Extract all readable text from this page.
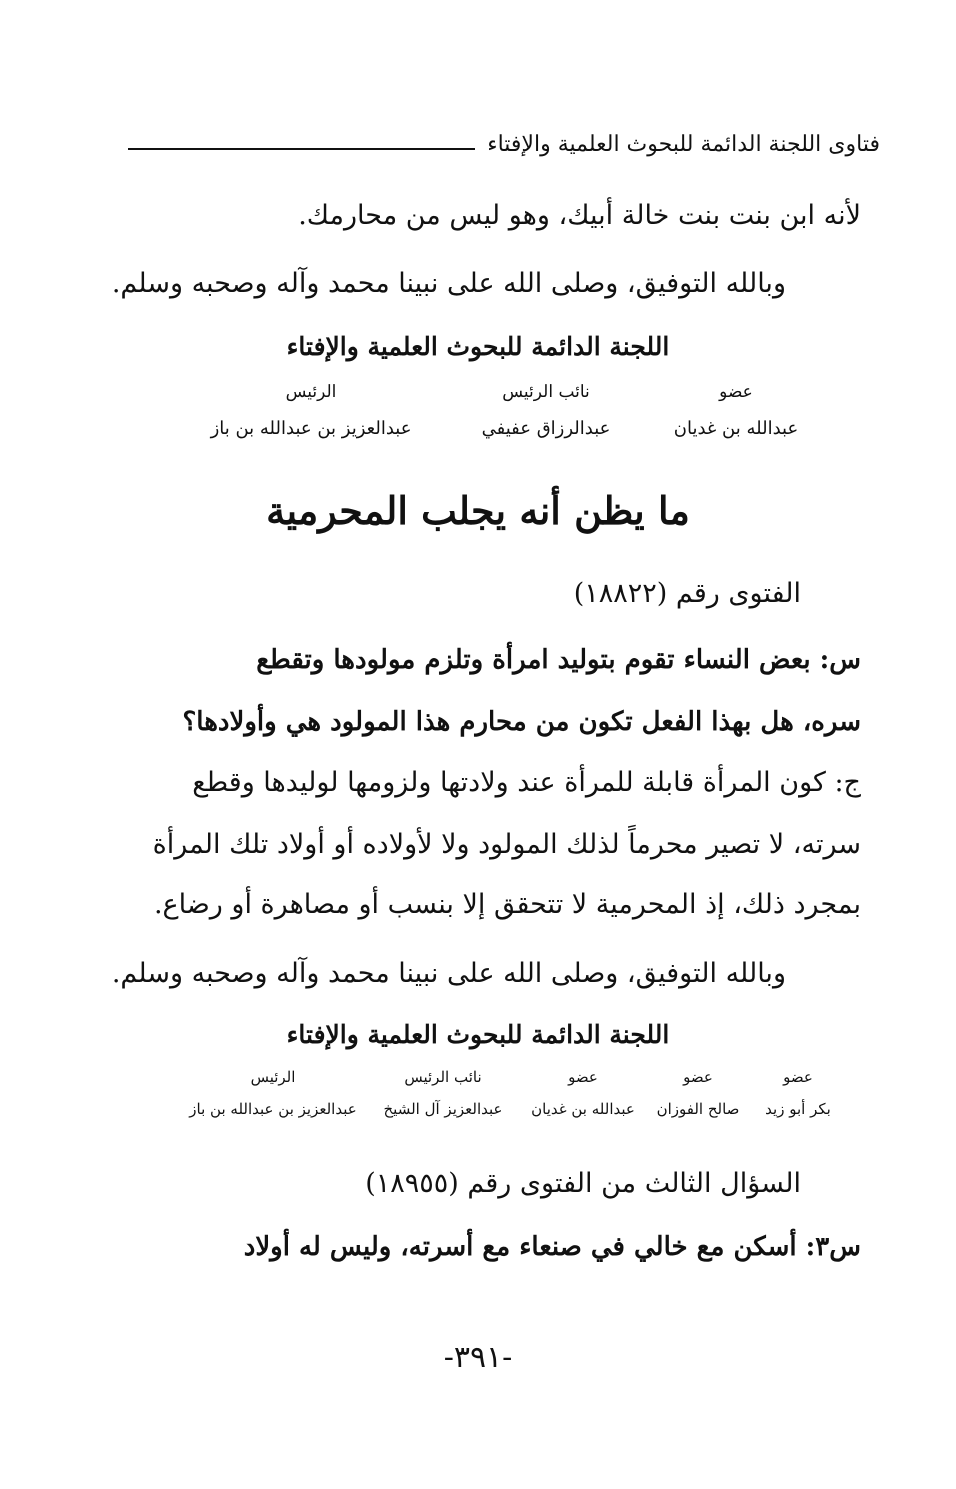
فتاوى اللجنة الدائمة للبحوث العلمية والإفتاء
لأنه ابن بنت بنت خالة أبيك، وهو ليس من محارمك.
وبالله التوفيق، وصلى الله على نبينا محمد وآله وصحبه وسلم.
اللجنة الدائمة للبحوث العلمية والإفتاء
عضو
نائب الرئيس
الرئيس
عبدالله بن غديان
عبدالرزاق عفيفي
عبدالعزيز بن عبدالله بن باز
ما يظن أنه يجلب المحرمية
الفتوى رقم (١٨٨٢٢)
س: بعض النساء تقوم بتوليد امرأة وتلزم مولودها وتقطع
سره، هل بهذا الفعل تكون من محارم هذا المولود هي وأولادها؟
ج: كون المرأة قابلة للمرأة عند ولادتها ولزومها لوليدها وقطع
سرته، لا تصير محرماً لذلك المولود ولا لأولاده أو أولاد تلك المرأة
بمجرد ذلك، إذ المحرمية لا تتحقق إلا بنسب أو مصاهرة أو رضاع.
وبالله التوفيق، وصلى الله على نبينا محمد وآله وصحبه وسلم.
اللجنة الدائمة للبحوث العلمية والإفتاء
عضو
عضو
عضو
نائب الرئيس
الرئيس
بكر أبو زيد
صالح الفوزان
عبدالله بن غديان
عبدالعزيز آل الشيخ
عبدالعزيز بن عبدالله بن باز
السؤال الثالث من الفتوى رقم (١٨٩٥٥)
س٣: أسكن مع خالي في صنعاء مع أسرته، وليس له أولاد
-٣٩١-
